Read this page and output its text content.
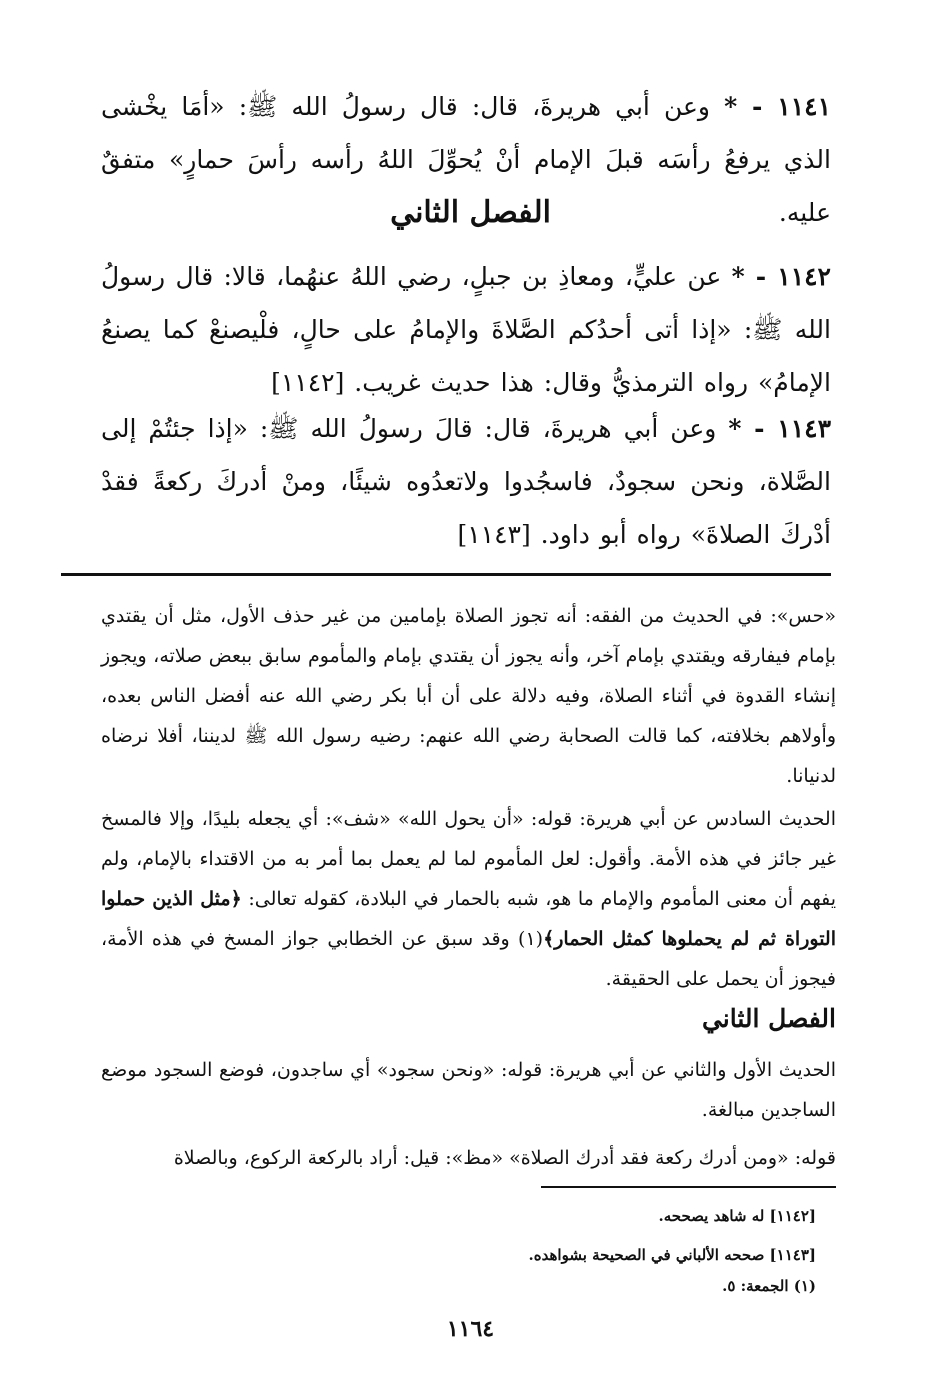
١١٤١ - * وعن أبي هريرةَ، قال: قال رسولُ الله ﷺ: «أمَا يخْشى الذي يرفعُ رأسَه قبلَ الإمام أنْ يُحوِّلَ اللهُ رأسه رأسَ حمارٍ» متفقٌ عليه.
الفصل الثاني
١١٤٢ - * عن عليٍّ، ومعاذِ بن جبلٍ، رضي اللهُ عنهُما، قالا: قال رسولُ الله ﷺ: «إذا أتى أحدُكم الصَّلاةَ والإمامُ على حالٍ، فلْيصنعْ كما يصنعُ الإمامُ» رواه الترمذيُّ وقال: هذا حديث غريب. [١١٤٢]
١١٤٣ - * وعن أبي هريرةَ، قال: قالَ رسولُ الله ﷺ: «إذا جئتُمْ إلى الصَّلاة، ونحن سجودٌ، فاسجُدوا ولاتعدُوه شيئًا، ومنْ أدركَ ركعةً فقدْ أدْركَ الصلاةَ» رواه أبو داود. [١١٤٣]
«حس»: في الحديث من الفقه: أنه تجوز الصلاة بإمامين من غير حذف الأول، مثل أن يقتدي بإمام فيفارقه ويقتدي بإمام آخر، وأنه يجوز أن يقتدي بإمام والمأموم سابق ببعض صلاته، ويجوز إنشاء القدوة في أثناء الصلاة، وفيه دلالة على أن أبا بكر رضي الله عنه أفضل الناس بعده، وأولاهم بخلافته، كما قالت الصحابة رضي الله عنهم: رضيه رسول الله ﷺ لديننا، أفلا نرضاه لدنيانا.
الحديث السادس عن أبي هريرة: قوله: «أن يحول الله» «شف»: أي يجعله بليدًا، وإلا فالمسخ غير جائز في هذه الأمة. وأقول: لعل المأموم لما لم يعمل بما أمر به من الاقتداء بالإمام، ولم يفهم أن معنى المأموم والإمام ما هو، شبه بالحمار في البلادة، كقوله تعالى: ﴿مثل الذين حملوا التوراة ثم لم يحملوها كمثل الحمار﴾(١) وقد سبق عن الخطابي جواز المسخ في هذه الأمة، فيجوز أن يحمل على الحقيقة.
الفصل الثاني
الحديث الأول والثاني عن أبي هريرة: قوله: «ونحن سجود» أي ساجدون، فوضع السجود موضع الساجدين مبالغة.
قوله: «ومن أدرك ركعة فقد أدرك الصلاة» «مظ»: قيل: أراد بالركعة الركوع، وبالصلاة
[١١٤٢] له شاهد يصححه.
[١١٤٣] صححه الألباني في الصحيحة بشواهده.
(١) الجمعة: ٥.
١١٦٤
